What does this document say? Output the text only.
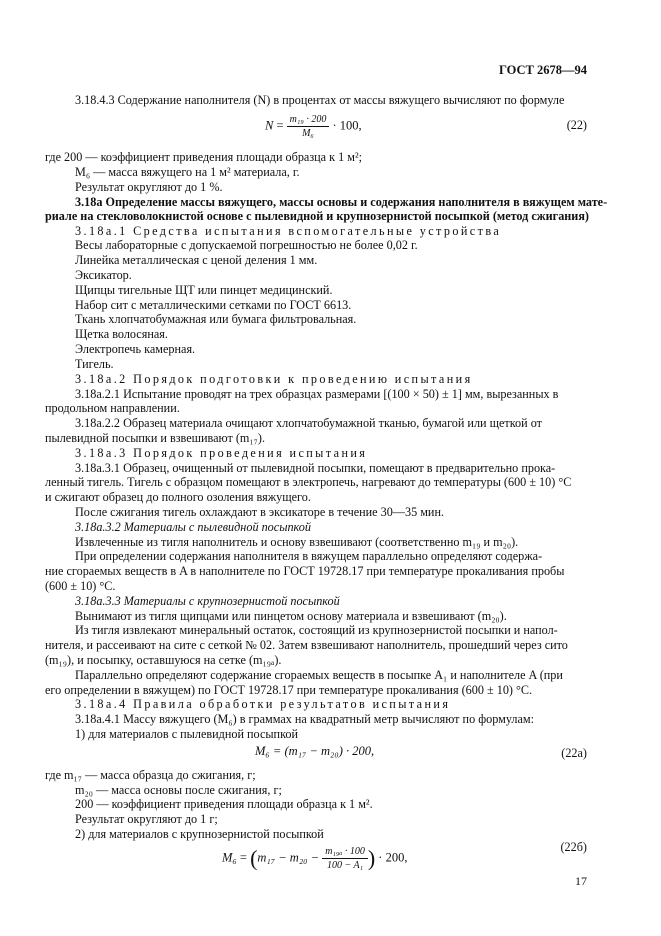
ГОСТ 2678—94
3.18.4.3 Содержание наполнителя (N) в процентах от массы вяжущего вычисляют по формуле
$N = \frac{\text{m₁₉ · 200}}{\text{M₆}} \cdot 100$,	(22)
где 200 — коэффициент приведения площади образца к 1 м²;
M₆ — масса вяжущего на 1 м² материала, г.
Результат округляют до 1 %.
3.18а Определение массы вяжущего, массы основы и содержания наполнителя в вяжущем мате-
риале на стекловолокнистой основе с пылевидной и крупнозернистой посыпкой (метод сжигания)
3.18а.1 Средства испытания вспомогательные устройства
Весы лабораторные с допускаемой погрешностью не более 0,02 г.
Линейка металлическая с ценой деления 1 мм.
Эксикатор.
Щипцы тигельные ЩТ или пинцет медицинский.
Набор сит с металлическими сетками по ГОСТ 6613.
Ткань хлопчатобумажная или бумага фильтровальная.
Щетка волосяная.
Электропечь камерная.
Тигель.
3.18а.2 Порядок подготовки к проведению испытания
3.18а.2.1 Испытание проводят на трех образцах размерами [(100 × 50) ± 1] мм, вырезанных в
продольном направлении.
3.18а.2.2 Образец материала очищают хлопчатобумажной тканью, бумагой или щеткой от
пылевидной посыпки и взвешивают (m₁₇).
3.18а.3 Порядок проведения испытания
3.18а.3.1 Образец, очищенный от пылевидной посыпки, помещают в предварительно прока-
ленный тигель. Тигель с образцом помещают в электропечь, нагревают до температуры (600 ± 10) °С
и сжигают образец до полного озоления вяжущего.
После сжигания тигель охлаждают в эксикаторе в течение 30—35 мин.
3.18а.3.2 Материалы с пылевидной посыпкой
Извлеченные из тигля наполнитель и основу взвешивают (соответственно m₁₉ и m₂₀).
При определении содержания наполнителя в вяжущем параллельно определяют содержа-
ние сгораемых веществ в A в наполнителе по ГОСТ 19728.17 при температуре прокаливания пробы
(600 ± 10) °С.
3.18а.3.3 Материалы с крупнозернистой посыпкой
Вынимают из тигля щипцами или пинцетом основу материала и взвешивают (m₂₀).
Из тигля извлекают минеральный остаток, состоящий из крупнозернистой посыпки и напол-
нителя, и рассеивают на сите с сеткой № 02. Затем взвешивают наполнитель, прошедший через сито
(m₁₉), и посыпку, оставшуюся на сетке (m₁₉ₐ).
Параллельно определяют содержание сгораемых веществ в посыпке A₁ и наполнителе A (при
его определении в вяжущем) по ГОСТ 19728.17 при температуре прокаливания (600 ± 10) °С.
3.18а.4 Правила обработки результатов испытания
3.18а.4.1 Массу вяжущего (M₆) в граммах на квадратный метр вычисляют по формулам:
1) для материалов с пылевидной посыпкой
M₆ = (m₁₇ − m₂₀) · 200,	(22а)
где m₁₇ — масса образца до сжигания, г;
m₂₀ — масса основы после сжигания, г;
200 — коэффициент приведения площади образца к 1 м².
Результат округляют до 1 г;
2) для материалов с крупнозернистой посыпкой
$M_6 = (m_{17} - m_{20} - \frac{\text{m₁₉ₐ · 100}}{\text{100 − A₁}}$ ) · 200,
(22б)
17
